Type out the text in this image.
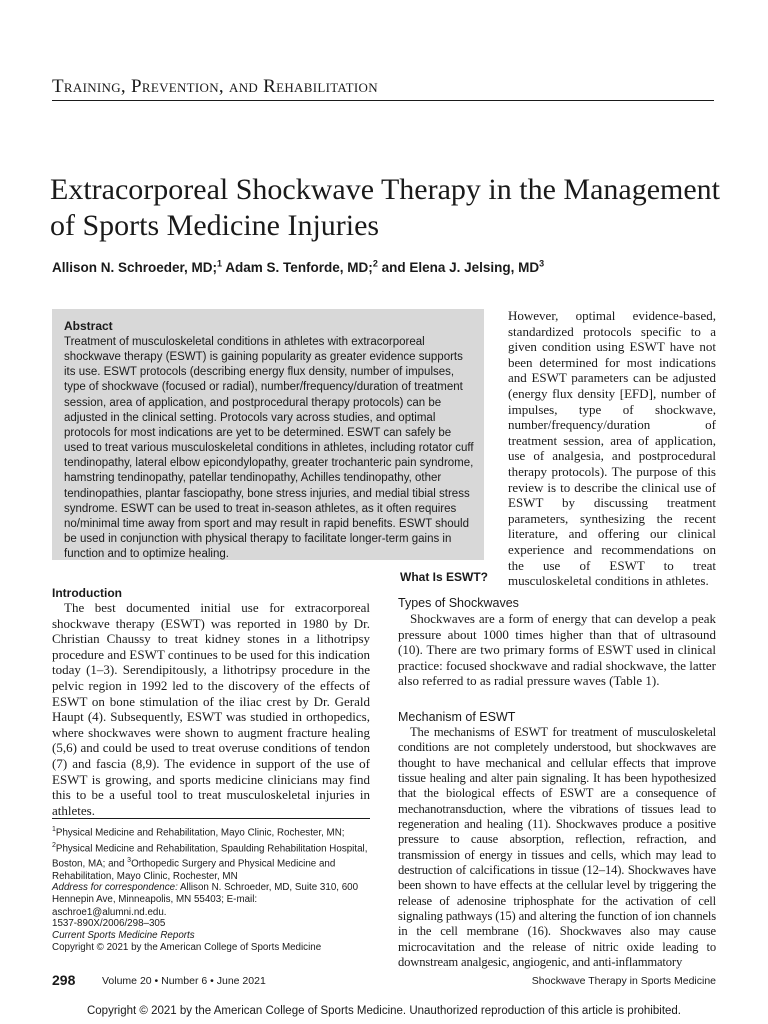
Training, Prevention, and Rehabilitation
Extracorporeal Shockwave Therapy in the Management of Sports Medicine Injuries
Allison N. Schroeder, MD;$^1$ Adam S. Tenforde, MD;$^2$ and Elena J. Jelsing, $MD^3$
Abstract
Treatment of musculoskeletal conditions in athletes with extracorporeal shockwave therapy (ESWT) is gaining popularity as greater evidence supports its use. ESWT protocols (describing energy flux density, number of impulses, type of shockwave (focused or radial), number/frequency/duration of treatment session, area of application, and postprocedural therapy protocols) can be adjusted in the clinical setting. Protocols vary across studies, and optimal protocols for most indications are yet to be determined. ESWT can safely be used to treat various musculoskeletal conditions in athletes, including rotator cuff tendinopathy, lateral elbow epicondylopathy, greater trochanteric pain syndrome, hamstring tendinopathy, patellar tendinopathy, Achilles tendinopathy, other tendinopathies, plantar fasciopathy, bone stress injuries, and medial tibial stress syndrome. ESWT can be used to treat in-season athletes, as it often requires no/minimal time away from sport and may result in rapid benefits. ESWT should be used in conjunction with physical therapy to facilitate longer-term gains in function and to optimize healing.
However, optimal evidence-based, standardized protocols specific to a given condition using ESWT have not been determined for most indications and ESWT parameters can be adjusted (energy flux density [EFD], number of impulses, type of shockwave, number/frequency/duration of treatment session, area of application, use of analgesia, and postprocedural therapy protocols). The purpose of this review is to describe the clinical use of ESWT by discussing treatment parameters, synthesizing the recent literature, and offering our clinical experience and recommendations on the use of ESWT to treat musculoskeletal conditions in athletes.
Introduction

The best documented initial use for extracorporeal shockwave therapy (ESWT) was reported in 1980 by Dr. Christian Chaussy to treat kidney stones in a lithotripsy procedure and ESWT continues to be used for this indication today (1–3). Serendipitously, a lithotripsy procedure in the pelvic region in 1992 led to the discovery of the effects of ESWT on bone stimulation of the iliac crest by Dr. Gerald Haupt (4). Subsequently, ESWT was studied in orthopedics, where shockwaves were shown to augment fracture healing (5,6) and could be used to treat overuse conditions of tendon (7) and fascia (8,9). The evidence in support of the use of ESWT is growing, and sports medicine clinicians may find this to be a useful tool to treat musculoskeletal injuries in athletes.

What Is ESWT?
Types of Shockwaves

Shockwaves are a form of energy that can develop a peak pressure about 1000 times higher than that of ultrasound (10). There are two primary forms of ESWT used in clinical practice: focused shockwave and radial shockwave, the latter also referred to as radial pressure waves (Table 1).

Mechanism of ESWT

The mechanisms of ESWT for treatment of musculoskeletal conditions are not completely understood, but shockwaves are thought to have mechanical and cellular effects that improve tissue healing and alter pain signaling. It has been hypothesized that the biological effects of ESWT are a consequence of mechanotransduction, where the vibrations of tissues lead to regeneration and healing (11). Shockwaves produce a positive pressure to cause absorption, reflection, refraction, and transmission of energy in tissues and cells, which may lead to destruction of calcifications in tissue (12–14). Shockwaves have been shown to have effects at the cellular level by triggering the release of adenosine triphosphate for the activation of cell signaling pathways (15) and altering the function of ion channels in the cell membrane (16). Shockwaves also may cause microcavitation and the release of nitric oxide leading to downstream analgesic, angiogenic, and anti-inflammatory

$^1$Physical Medicine and Rehabilitation, Mayo Clinic, Rochester, MN;
$^2$Physical Medicine and Rehabilitation, Spaulding Rehabilitation Hospital, Boston, MA; and $^3$Orthopedic Surgery and Physical Medicine and Rehabilitation, Mayo Clinic, Rochester, MN
Address for correspondence: Allison N. Schroeder, MD, Suite 310, 600 Hennepin Ave, Minneapolis, MN 55403; E-mail: aschroe1@alumni.nd.edu.
1537-890X/2006/298–305
Current Sports Medicine Reports
Copyright © 2021 by the American College of Sports Medicine
298	Volume 20 • Number 6 • June 2021	Shockwave Therapy in Sports Medicine
Copyright © 2021 by the American College of Sports Medicine. Unauthorized reproduction of this article is prohibited.
